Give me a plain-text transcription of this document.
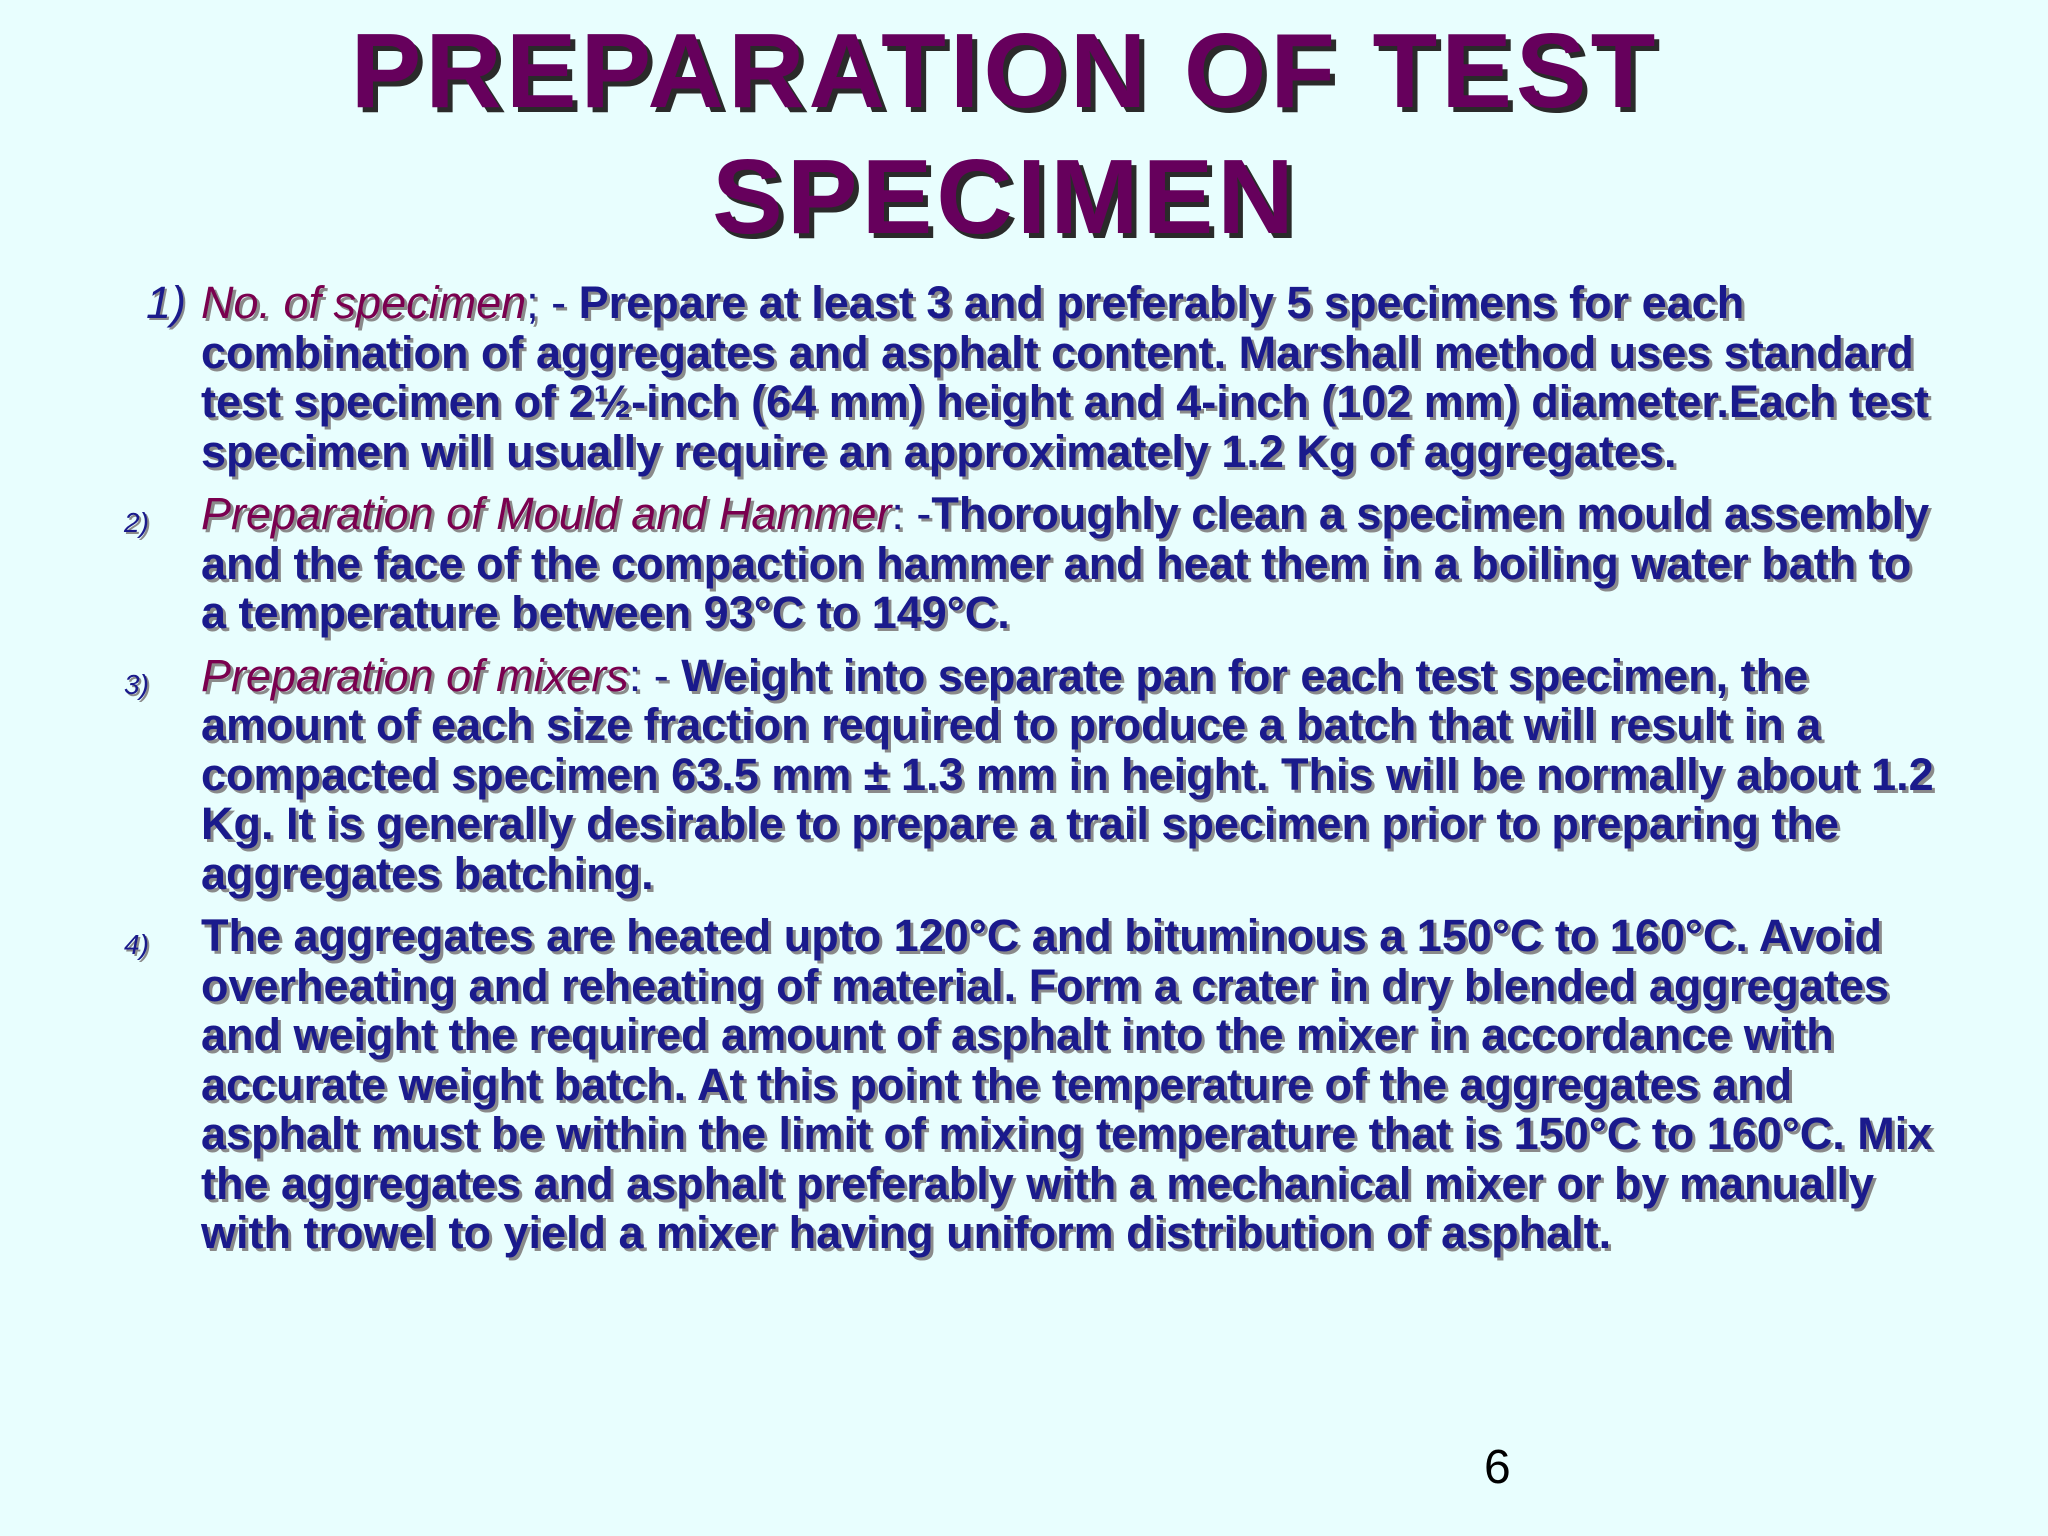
PREPARATION OF TEST
SPECIMEN
1) No. of specimen; - Prepare at least 3 and preferably 5 specimens for each combination of aggregates and asphalt content. Marshall method uses standard test specimen of 2½-inch (64 mm) height and 4-inch (102 mm) diameter.Each test specimen will usually require an approximately 1.2 Kg of aggregates.
2) Preparation of Mould and Hammer: -Thoroughly clean a specimen mould assembly and the face of the compaction hammer and heat them in a boiling water bath to a temperature between 93°C to 149°C.
3) Preparation of mixers: - Weight into separate pan for each test specimen, the amount of each size fraction required to produce a batch that will result in a compacted specimen 63.5 mm ± 1.3 mm in height. This will be normally about 1.2 Kg. It is generally desirable to prepare a trail specimen prior to preparing the aggregates batching.
4) The aggregates are heated upto 120°C and bituminous a 150°C to 160°C. Avoid overheating and reheating of material. Form a crater in dry blended aggregates and weight the required amount of asphalt into the mixer in accordance with accurate weight batch. At this point the temperature of the aggregates and asphalt must be within the limit of mixing temperature that is 150°C to 160°C. Mix the aggregates and asphalt preferably with a mechanical mixer or by manually with trowel to yield a mixer having uniform distribution of asphalt.
6
